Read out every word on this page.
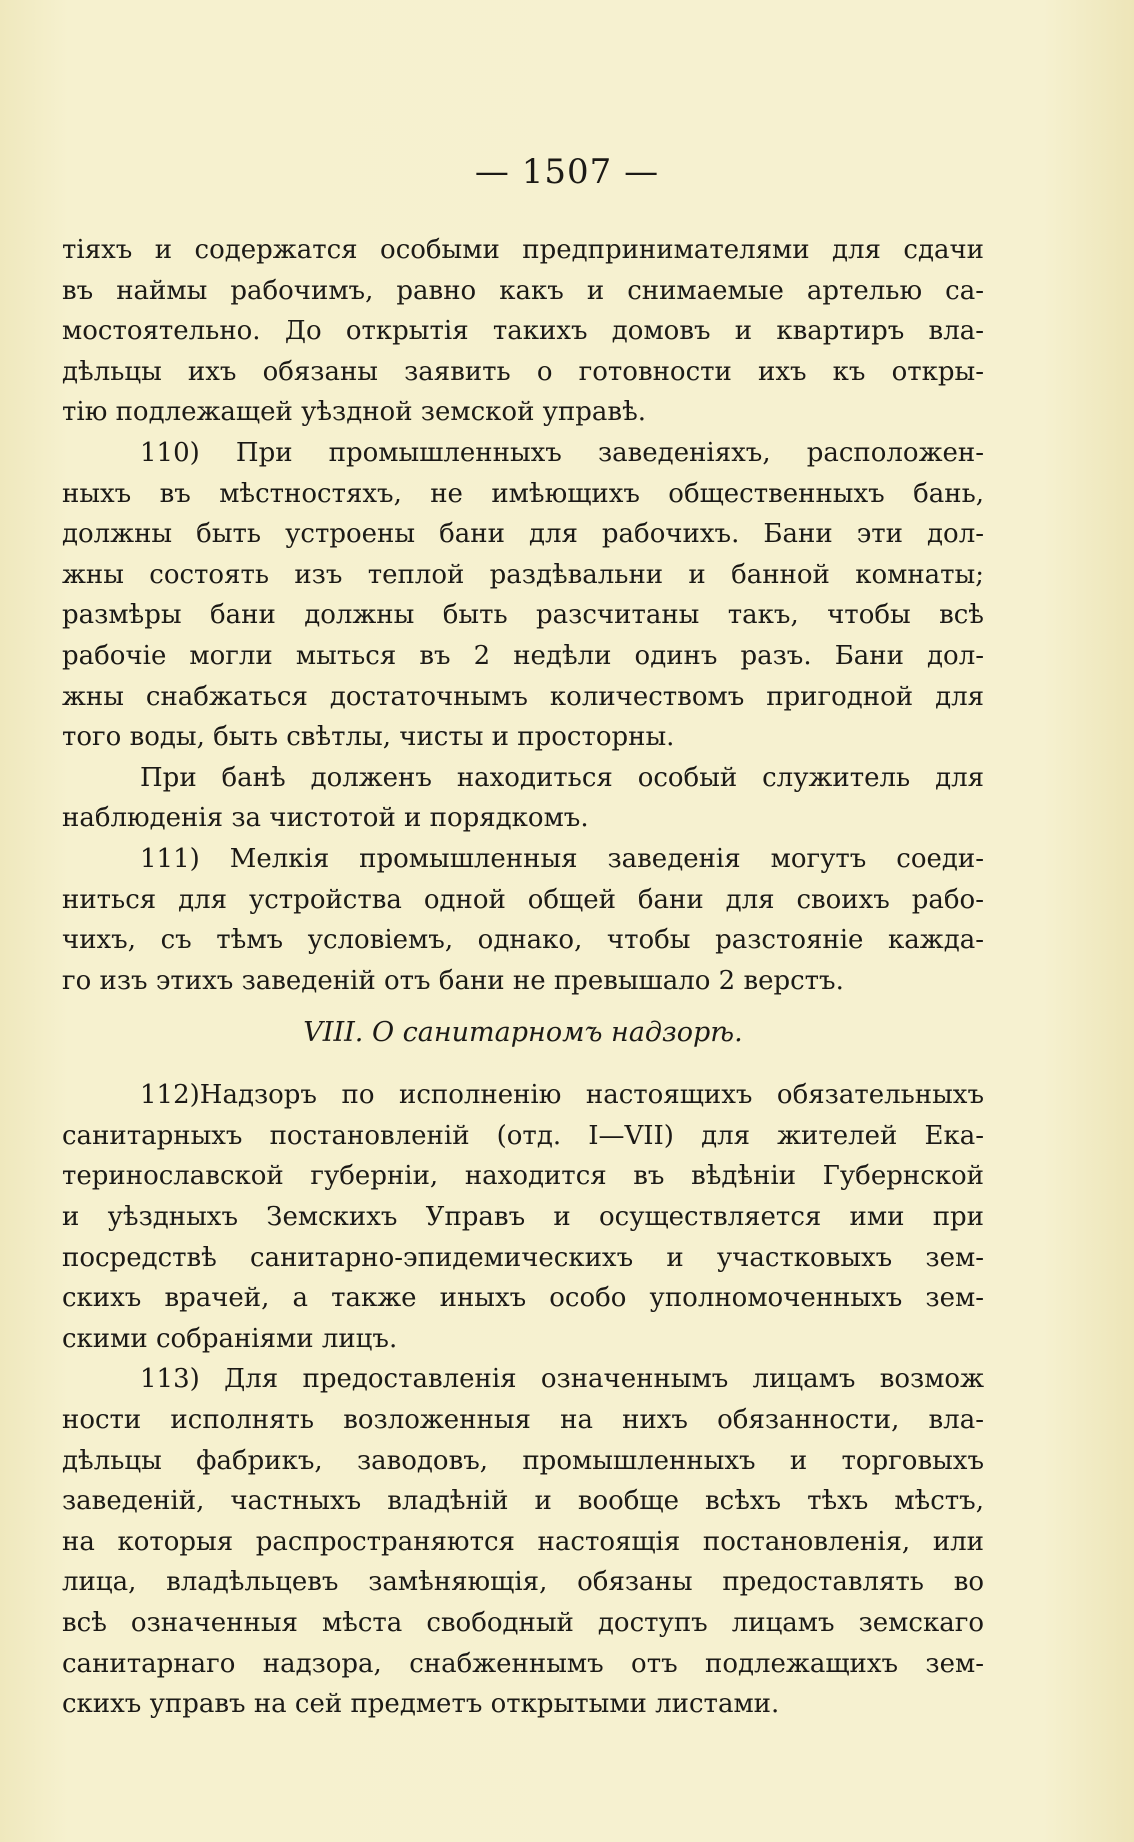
— 1507 —
тіяхъ и содержатся особыми предпринимателями для сдачи
въ наймы рабочимъ, равно какъ и снимаемые артелью са-
мостоятельно. До открытія такихъ домовъ и квартиръ вла-
дѣльцы ихъ обязаны заявить о готовности ихъ къ откры-
тію подлежащей уѣздной земской управѣ.
110) При промышленныхъ заведеніяхъ, расположен-
ныхъ въ мѣстностяхъ, не имѣющихъ общественныхъ бань,
должны быть устроены бани для рабочихъ. Бани эти дол-
жны состоять изъ теплой раздѣвальни и банной комнаты;
размѣры бани должны быть разсчитаны такъ, чтобы всѣ
рабочіе могли мыться въ 2 недѣли одинъ разъ. Бани дол-
жны снабжаться достаточнымъ количествомъ пригодной для
того воды, быть свѣтлы, чисты и просторны.
При банѣ долженъ находиться особый служитель для
наблюденія за чистотой и порядкомъ.
111) Мелкія промышленныя заведенія могутъ соеди-
ниться для устройства одной общей бани для своихъ рабо-
чихъ, съ тѣмъ условіемъ, однако, чтобы разстояніе кажда-
го изъ этихъ заведеній отъ бани не превышало 2 верстъ.
VIII. О санитарномъ надзорѣ.
112)Надзоръ по исполненію настоящихъ обязательныхъ
санитарныхъ постановленій (отд. I—VII) для жителей Ека-
теринославской губерніи, находится въ вѣдѣніи Губернской
и уѣздныхъ Земскихъ Управъ и осуществляется ими при
посредствѣ санитарно-эпидемическихъ и участковыхъ зем-
скихъ врачей, а также иныхъ особо уполномоченныхъ зем-
скими собраніями лицъ.
113) Для предоставленія означеннымъ лицамъ возмож
ности исполнять возложенныя на нихъ обязанности, вла-
дѣльцы фабрикъ, заводовъ, промышленныхъ и торговыхъ
заведеній, частныхъ владѣній и вообще всѣхъ тѣхъ мѣстъ,
на которыя распространяются настоящія постановленія, или
лица, владѣльцевъ замѣняющія, обязаны предоставлять во
всѣ означенныя мѣста свободный доступъ лицамъ земскаго
санитарнаго надзора, снабженнымъ отъ подлежащихъ зем-
скихъ управъ на сей предметъ открытыми листами.
